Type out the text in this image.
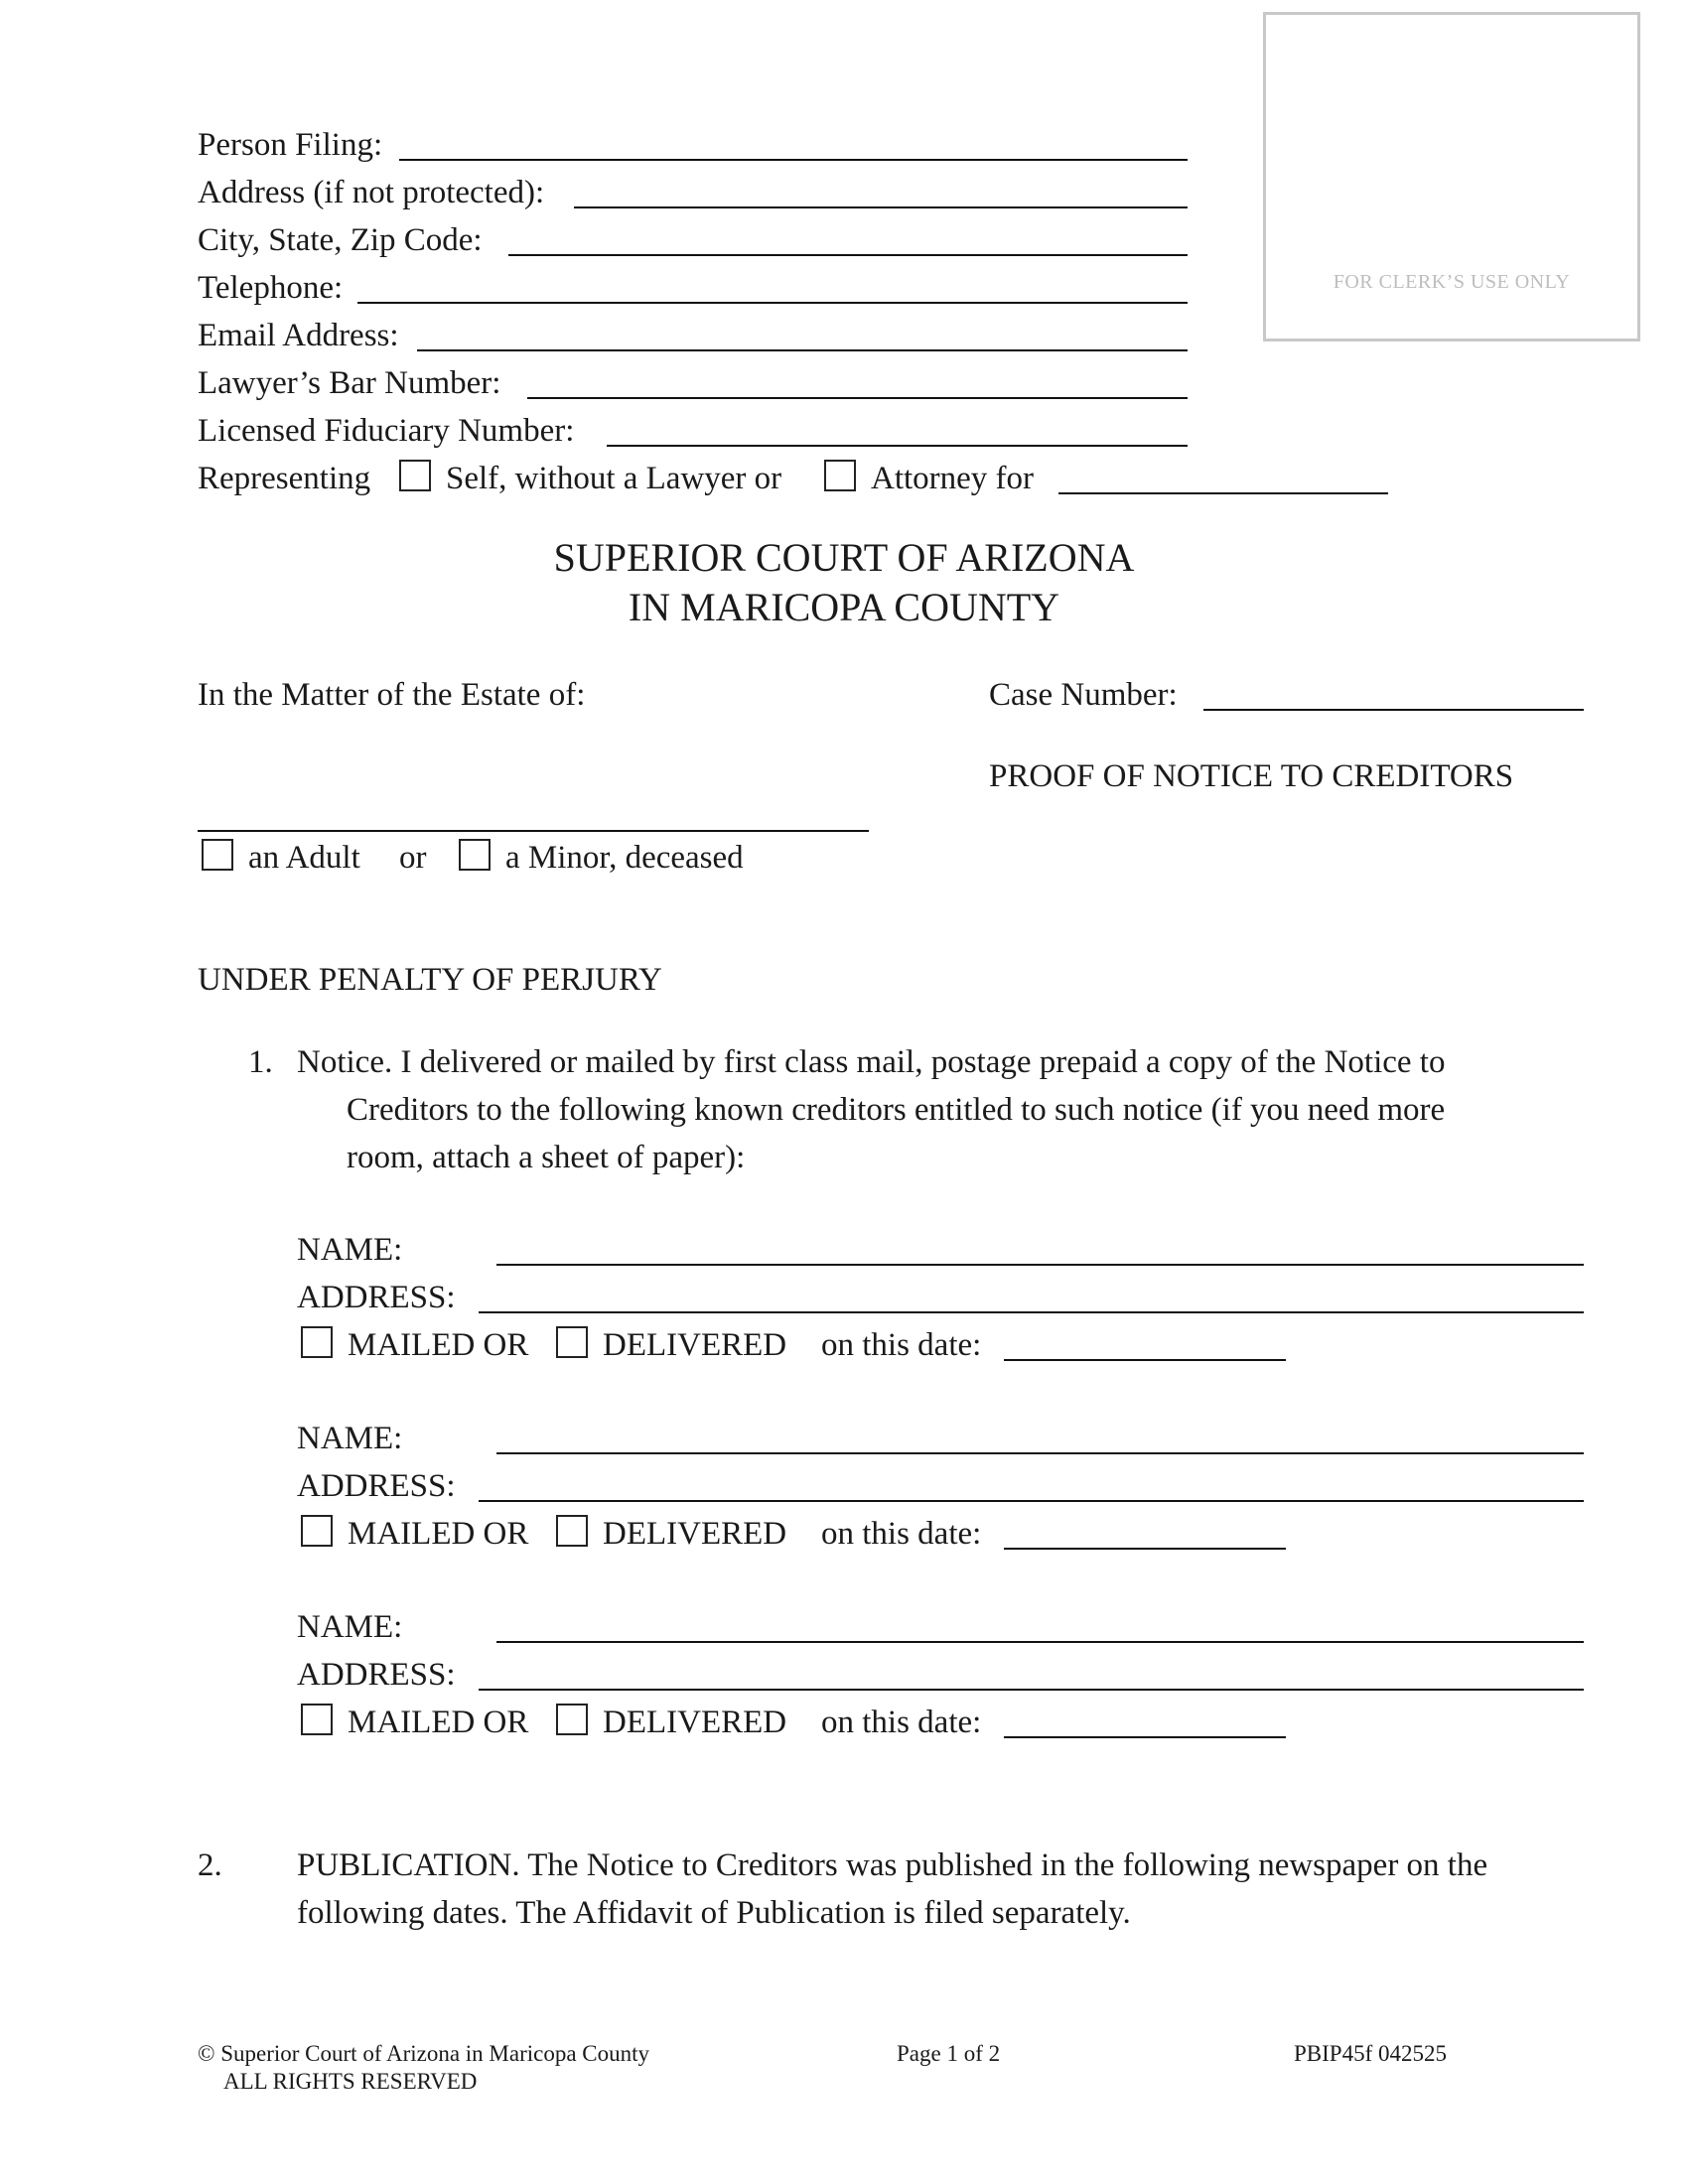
FOR CLERK’S USE ONLY
Person Filing:
Address (if not protected):
City, State, Zip Code:
Telephone:
Email Address:
Lawyer’s Bar Number:
Licensed Fiduciary Number:
Representing Self, without a Lawyer or	Attorney for
SUPERIOR COURT OF ARIZONA
IN MARICOPA COUNTY
In the Matter of the Estate of:	Case Number:
PROOF OF NOTICE TO CREDITORS
an Adult or a Minor, deceased
UNDER PENALTY OF PERJURY
1. Notice. I delivered or mailed by first class mail, postage prepaid a copy of the Notice to
Creditors to the following known creditors entitled to such notice (if you need more
room, attach a sheet of paper):
NAME:
ADDRESS:
MAILED OR DELIVERED on this date:
NAME:
ADDRESS:
MAILED OR DELIVERED on this date:
NAME:
ADDRESS:
MAILED OR DELIVERED on this date:
2. PUBLICATION. The Notice to Creditors was published in the following newspaper on the
following dates. The Affidavit of Publication is filed separately.
© Superior Court of Arizona in Maricopa County
ALL RIGHTS RESERVED
Page 1 of 2	PBIP45f 042525
